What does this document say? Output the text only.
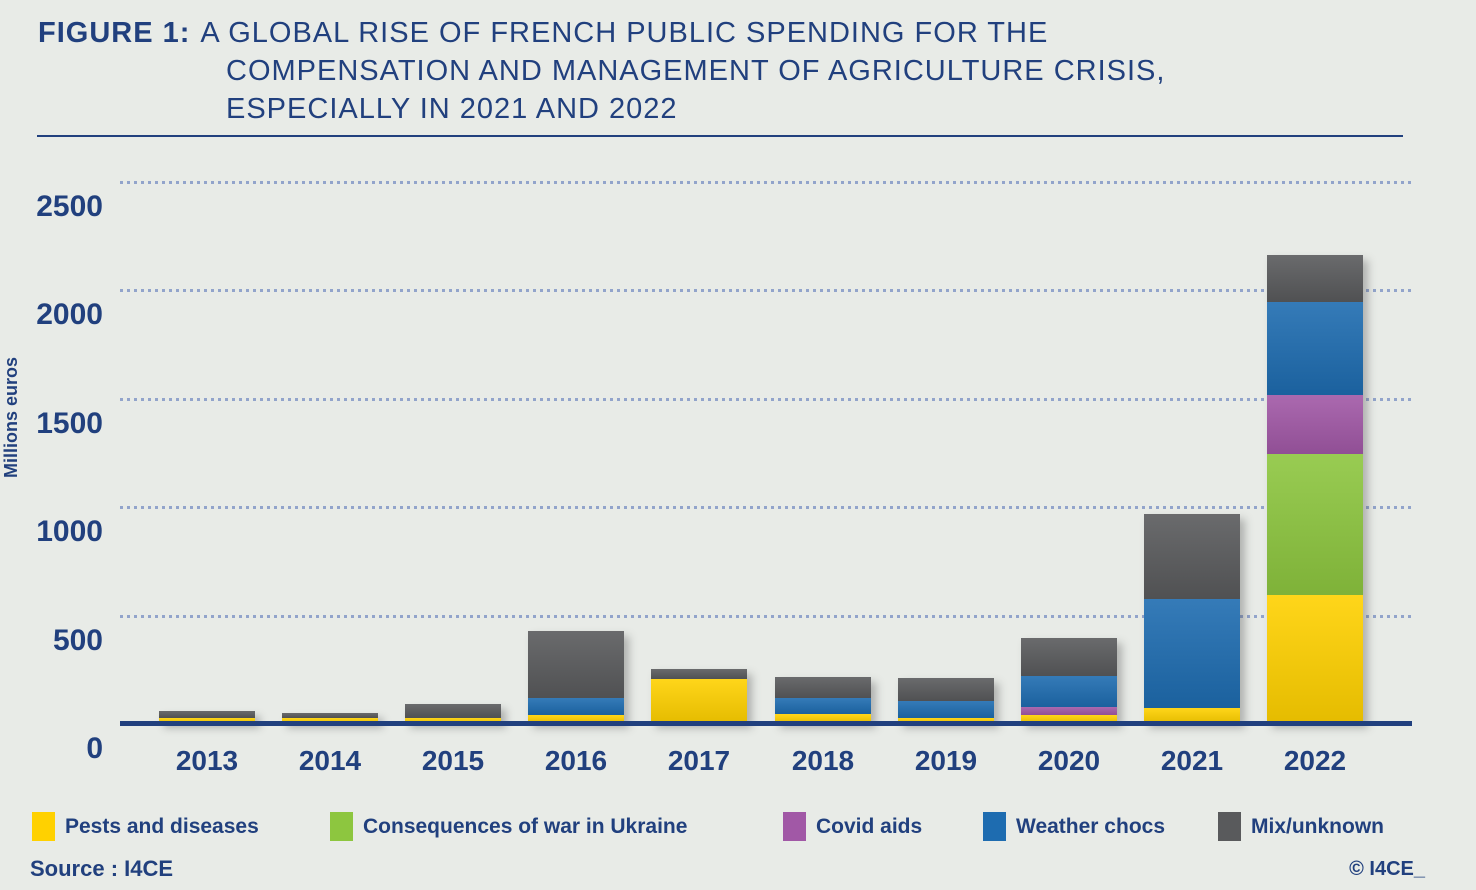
FIGURE 1: A GLOBAL RISE OF FRENCH PUBLIC SPENDING FOR THE
COMPENSATION AND MANAGEMENT OF AGRICULTURE CRISIS,
ESPECIALLY IN 2021 AND 2022
Millions euros
0
500
1000
1500
2000
2500
2013	2014	2015	2016	2017	2018	2019	2020	2021	2022
Pests and diseases	Consequences of war in Ukraine	Covid aids	Weather chocs	Mix/unknown
Source : I4CE	© I4CE_
